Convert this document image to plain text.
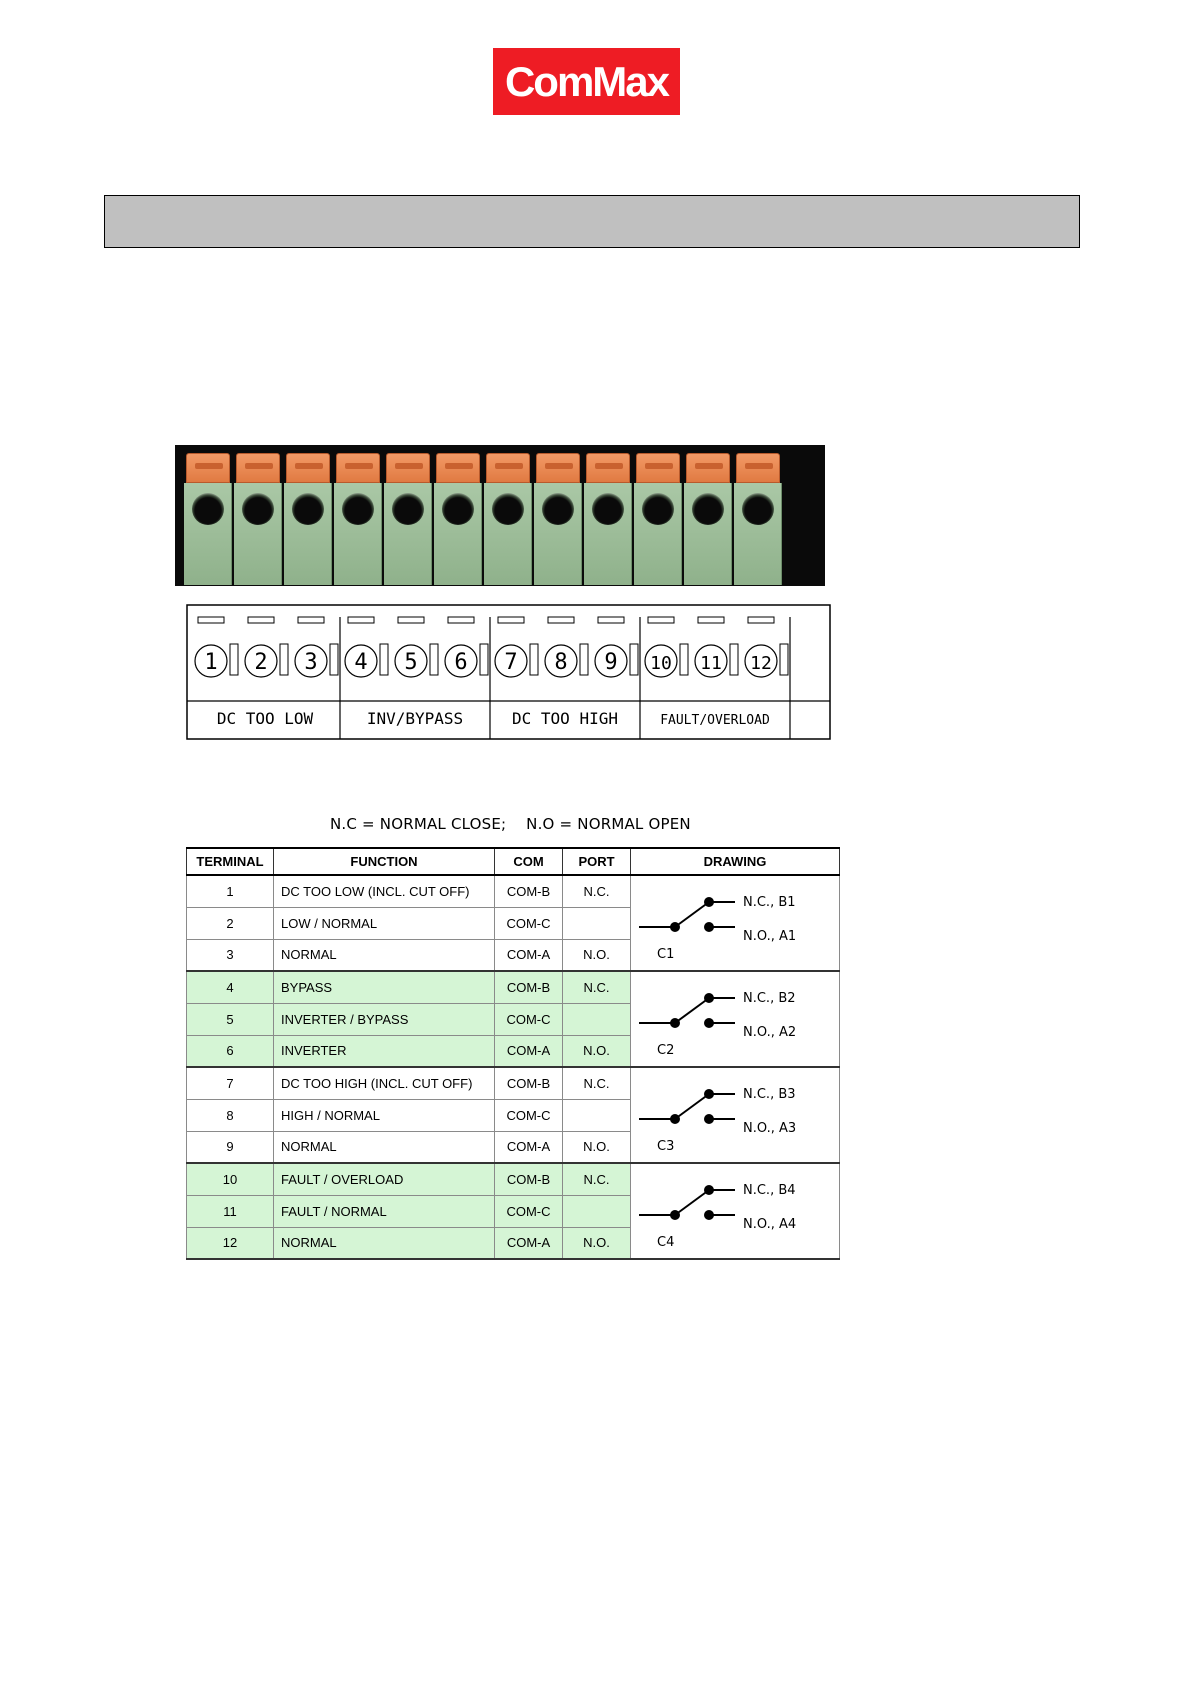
ComMax
1 2 3 4 5 6 7 8 9 10 11 12
DC TOO LOW	INV/BYPASS	DC TOO HIGH	FAULT/OVERLOAD
N.C = NORMAL CLOSE;    N.O = NORMAL OPEN
TERMINAL	FUNCTION	COM	PORT	DRAWING
1	DC TOO LOW (INCL. CUT OFF)	COM-B	N.C.	N.C., B1
N.O., A1
C1

2	LOW / NORMAL	COM-C		
3	NORMAL	COM-A	N.O.	
4	BYPASS	COM-B	N.C.	N.C., B2
N.O., A2
C2

5	INVERTER / BYPASS	COM-C		
6	INVERTER	COM-A	N.O.	
7	DC TOO HIGH (INCL. CUT OFF)	COM-B	N.C.	N.C., B3
N.O., A3
C3

8	HIGH / NORMAL	COM-C		
9	NORMAL	COM-A	N.O.	
10	FAULT / OVERLOAD	COM-B	N.C.	N.C., B4
N.O., A4
C4

11	FAULT / NORMAL	COM-C		
12	NORMAL	COM-A	N.O.	
